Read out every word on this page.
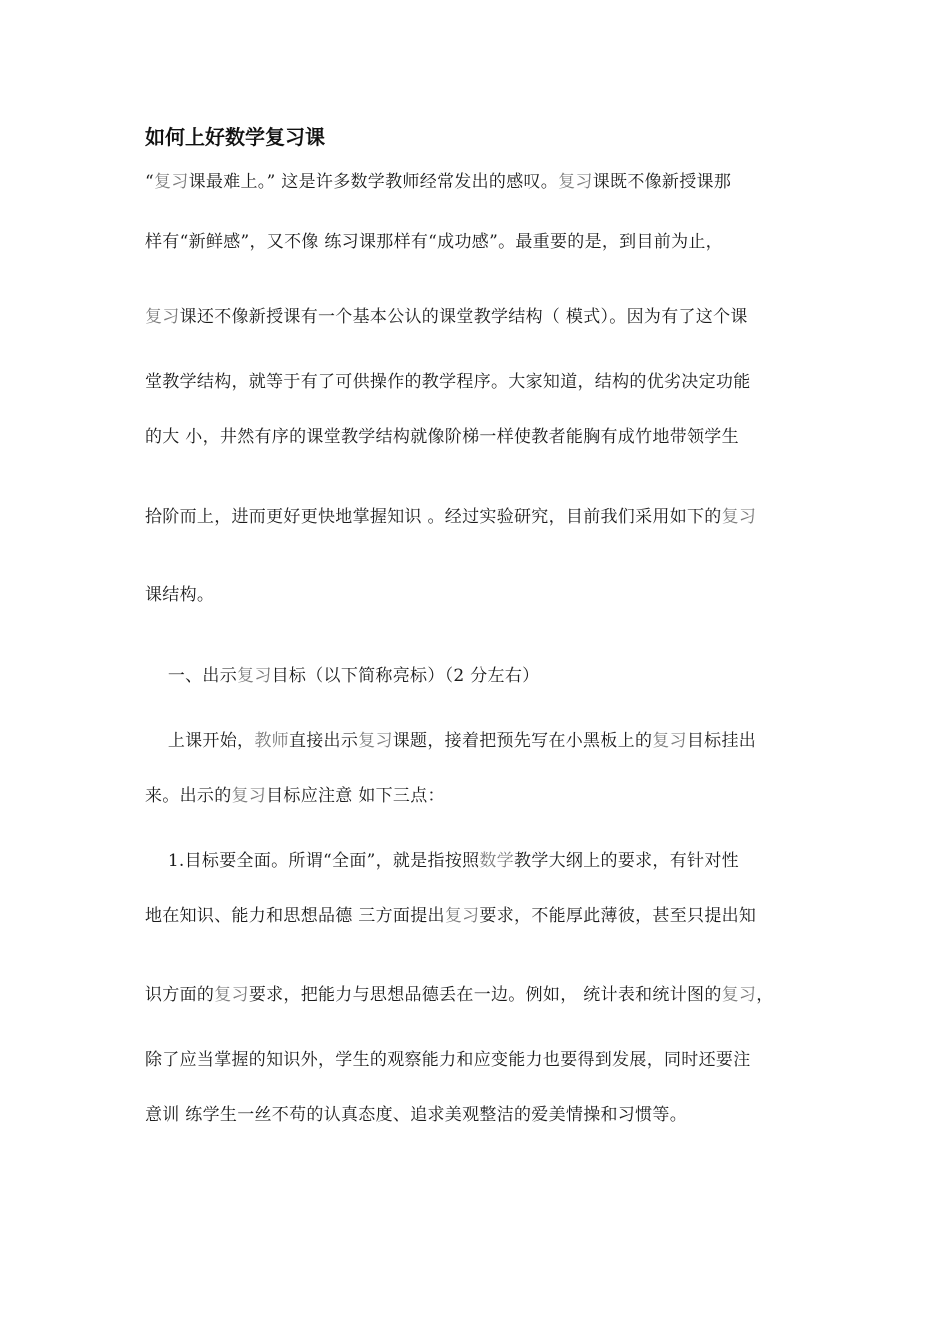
如何上好数学复习课
“复习课最难上。” 这是许多数学教师经常发出的感叹。复习课既不像新授课那
样有“新鲜感”，又不像 练习课那样有“成功感”。最重要的是，到目前为止，
复习课还不像新授课有一个基本公认的课堂教学结构（ 模式）。因为有了这个课
堂教学结构，就等于有了可供操作的教学程序。大家知道，结构的优劣决定功能
的大 小，井然有序的课堂教学结构就像阶梯一样使教者能胸有成竹地带领学生
拾阶而上，进而更好更快地掌握知识 。经过实验研究，目前我们采用如下的复习
课结构。
一、出示复习目标（以下简称亮标）（2 分左右）
上课开始，教师直接出示复习课题，接着把预先写在小黑板上的复习目标挂出
来。出示的复习目标应注意 如下三点：
1.目标要全面。所谓“全面”，就是指按照数学教学大纲上的要求，有针对性
地在知识、能力和思想品德 三方面提出复习要求，不能厚此薄彼，甚至只提出知
识方面的复习要求，把能力与思想品德丢在一边。例如， 统计表和统计图的复习，
除了应当掌握的知识外，学生的观察能力和应变能力也要得到发展，同时还要注
意训 练学生一丝不苟的认真态度、追求美观整洁的爱美情操和习惯等。
